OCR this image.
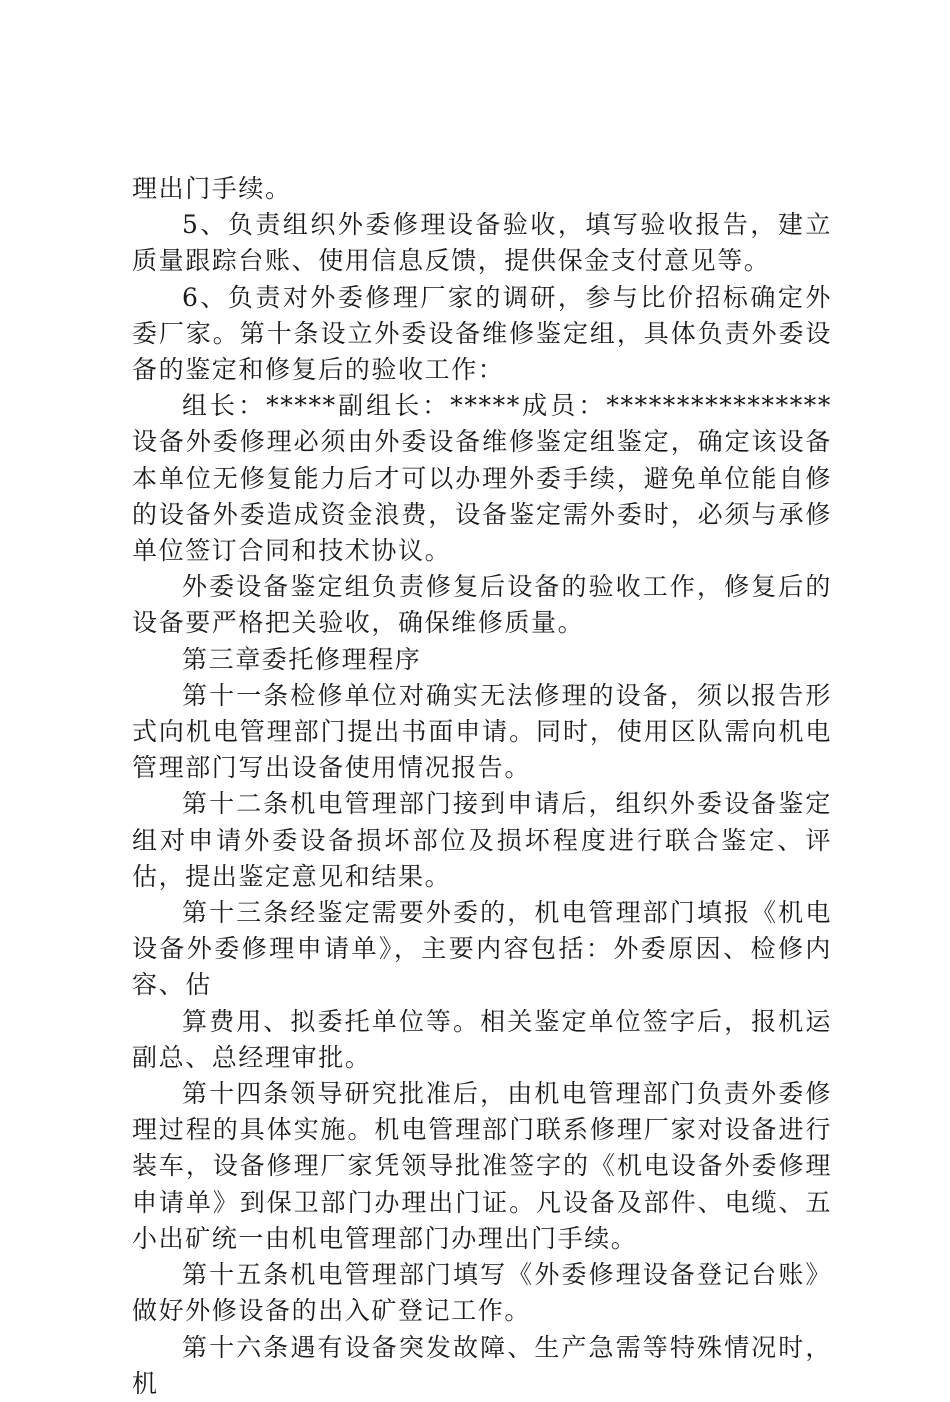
理出门手续。

5、负责组织外委修理设备验收，填写验收报告，建立质量跟踪台账、使用信息反馈，提供保金支付意见等。

6、负责对外委修理厂家的调研，参与比价招标确定外委厂家。第十条设立外委设备维修鉴定组，具体负责外委设备的鉴定和修复后的验收工作：

组长：*****副组长：*****成员：****************设备外委修理必须由外委设备维修鉴定组鉴定，确定该设备本单位无修复能力后才可以办理外委手续，避免单位能自修的设备外委造成资金浪费，设备鉴定需外委时，必须与承修单位签订合同和技术协议。

外委设备鉴定组负责修复后设备的验收工作，修复后的设备要严格把关验收，确保维修质量。

第三章委托修理程序

第十一条检修单位对确实无法修理的设备，须以报告形式向机电管理部门提出书面申请。同时，使用区队需向机电管理部门写出设备使用情况报告。

第十二条机电管理部门接到申请后，组织外委设备鉴定组对申请外委设备损坏部位及损坏程度进行联合鉴定、评估，提出鉴定意见和结果。

第十三条经鉴定需要外委的，机电管理部门填报《机电设备外委修理申请单》，主要内容包括：外委原因、检修内容、估

算费用、拟委托单位等。相关鉴定单位签字后，报机运副总、总经理审批。

第十四条领导研究批准后，由机电管理部门负责外委修理过程的具体实施。机电管理部门联系修理厂家对设备进行装车，设备修理厂家凭领导批准签字的《机电设备外委修理申请单》到保卫部门办理出门证。凡设备及部件、电缆、五小出矿统一由机电管理部门办理出门手续。

第十五条机电管理部门填写《外委修理设备登记台账》做好外修设备的出入矿登记工作。

第十六条遇有设备突发故障、生产急需等特殊情况时，机
